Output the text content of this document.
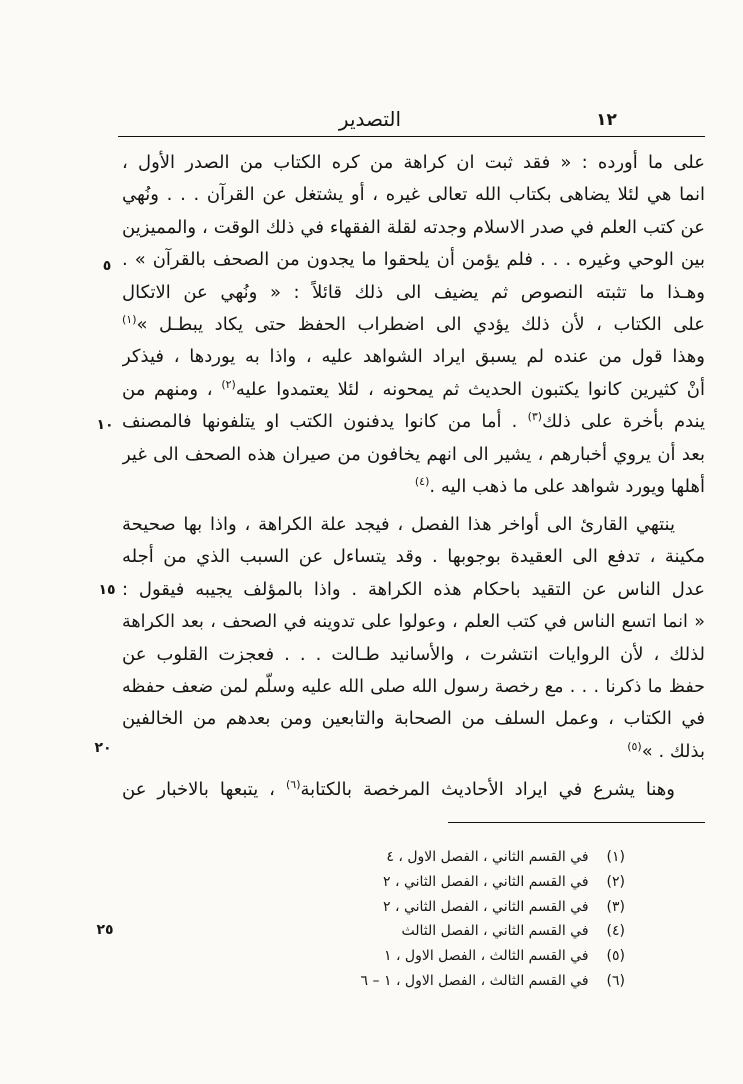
١٢
التصدير
على ما أورده : « فقد ثبت ان كراهة من كره الكتاب من الصدر الأول ،
انما هي لئلا يضاهى بكتاب الله تعالى غيره ، أو يشتغل عن القرآن . . . ونُهي
عن كتب العلم في صدر الاسلام وجدته لقلة الفقهاء في ذلك الوقت ، والمميزين
بين الوحي وغيره . . . فلم يؤمن أن يلحقوا ما يجدون من الصحف بالقرآن » .
وهـذا ما تثبته النصوص ثم يضيف الى ذلك قائلاً : « ونُهي عن الاتكال
على الكتاب ، لأن ذلك يؤدي الى اضطراب الحفظ حتى يكاد يبطـل »$^{(١)}$
وهذا قول من عنده لم يسبق ايراد الشواهد عليه ، واذا به يوردها ، فيذكر
أنْ كثيرين كانوا يكتبون الحديث ثم يمحونه ، لئلا يعتمدوا عليه$^{(٢)}$ ، ومنهم من
يندم بأخرة على ذلك$^{(٣)}$ . أما من كانوا يدفنون الكتب او يتلفونها فالمصنف
بعد أن يروي أخبارهم ، يشير الى انهم يخافون من صيران هذه الصحف الى غير
أهلها ويورد شواهد على ما ذهب اليه .$^{(٤)}$
ينتهي القارئ الى أواخر هذا الفصل ، فيجد علة الكراهة ، واذا بها صحيحة
مكينة ، تدفع الى العقيدة بوجوبها . وقد يتساءل عن السبب الذي من أجله
عدل الناس عن التقيد باحكام هذه الكراهة . واذا بالمؤلف يجيبه فيقول :
« انما اتسع الناس في كتب العلم ، وعولوا على تدوينه في الصحف ، بعد الكراهة
لذلك ، لأن الروايات انتشرت ، والأسانيد طـالت . . . فعجزت القلوب عن
حفظ ما ذكرنا . . . مع رخصة رسول الله صلى الله عليه وسلّم لمن ضعف حفظه
في الكتاب ، وعمل السلف من الصحابة والتابعين ومن بعدهم من الخالفين
بذلك . »$^{(٥)}$
وهنا يشرع في ايراد الأحاديث المرخصة بالكتابة$^{(٦)}$ ، يتبعها بالاخبار عن
٥
١٠
١٥
٢٠
٢٥
(١) في القسم الثاني ، الفصل الاول ، ٤
(٢) في القسم الثاني ، الفصل الثاني ، ٢
(٣) في القسم الثاني ، الفصل الثاني ، ٢
(٤) في القسم الثاني ، الفصل الثالث
(٥) في القسم الثالث ، الفصل الاول ، ١
(٦) في القسم الثالث ، الفصل الاول ، ١ – ٦
